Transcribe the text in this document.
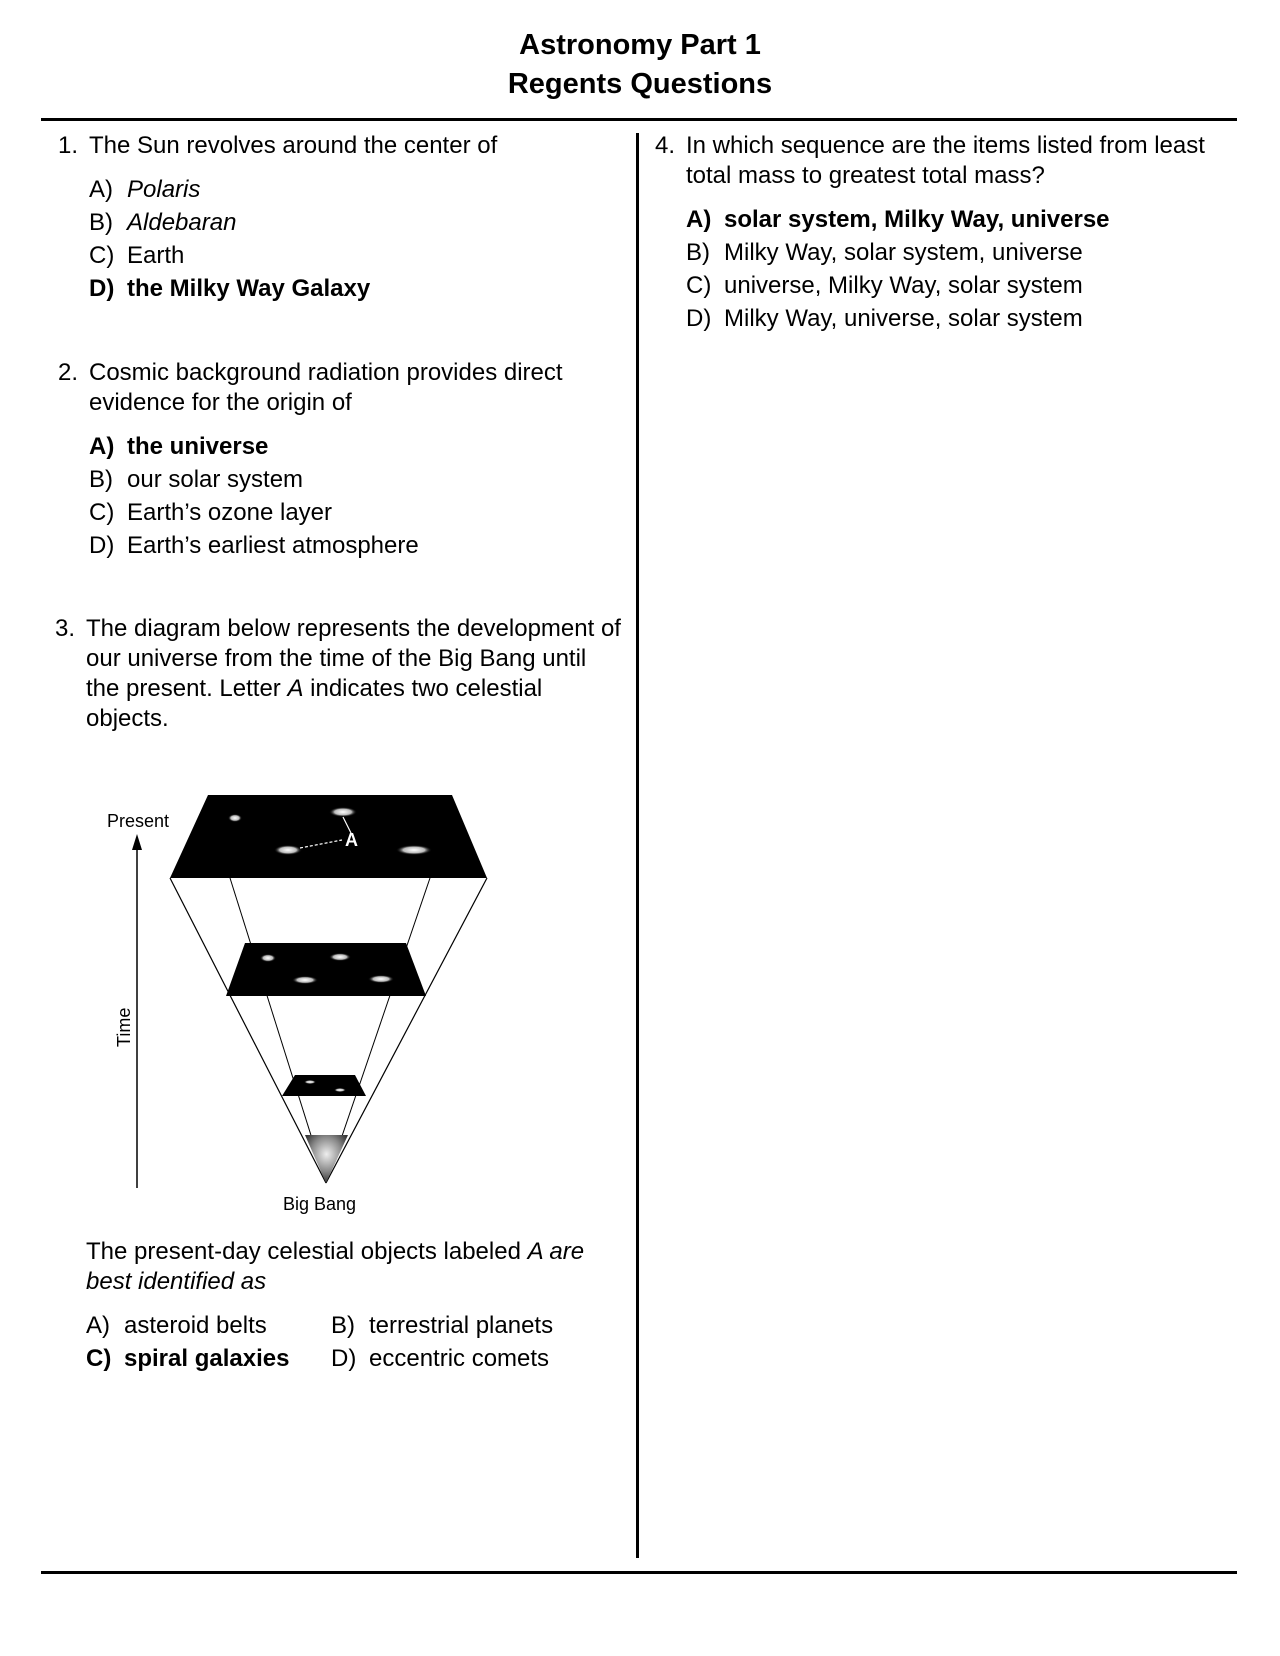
Astronomy Part 1
Regents Questions
1. The Sun revolves around the center of
A) Polaris
B) Aldebaran
C) Earth
D) the Milky Way Galaxy
2. Cosmic background radiation provides direct evidence for the origin of
A) the universe
B) our solar system
C) Earth’s ozone layer
D) Earth’s earliest atmosphere
3. The diagram below represents the development of our universe from the time of the Big Bang until the present. Letter A indicates two celestial objects.
A
Present
Time
Big Bang
The present-day celestial objects labeled A are best identified as
A) asteroid belts	B) terrestrial planets
C) spiral galaxies D) eccentric comets
4. In which sequence are the items listed from least total mass to greatest total mass?
A) solar system, Milky Way, universe
B) Milky Way, solar system, universe
C) universe, Milky Way, solar system
D) Milky Way, universe, solar system
